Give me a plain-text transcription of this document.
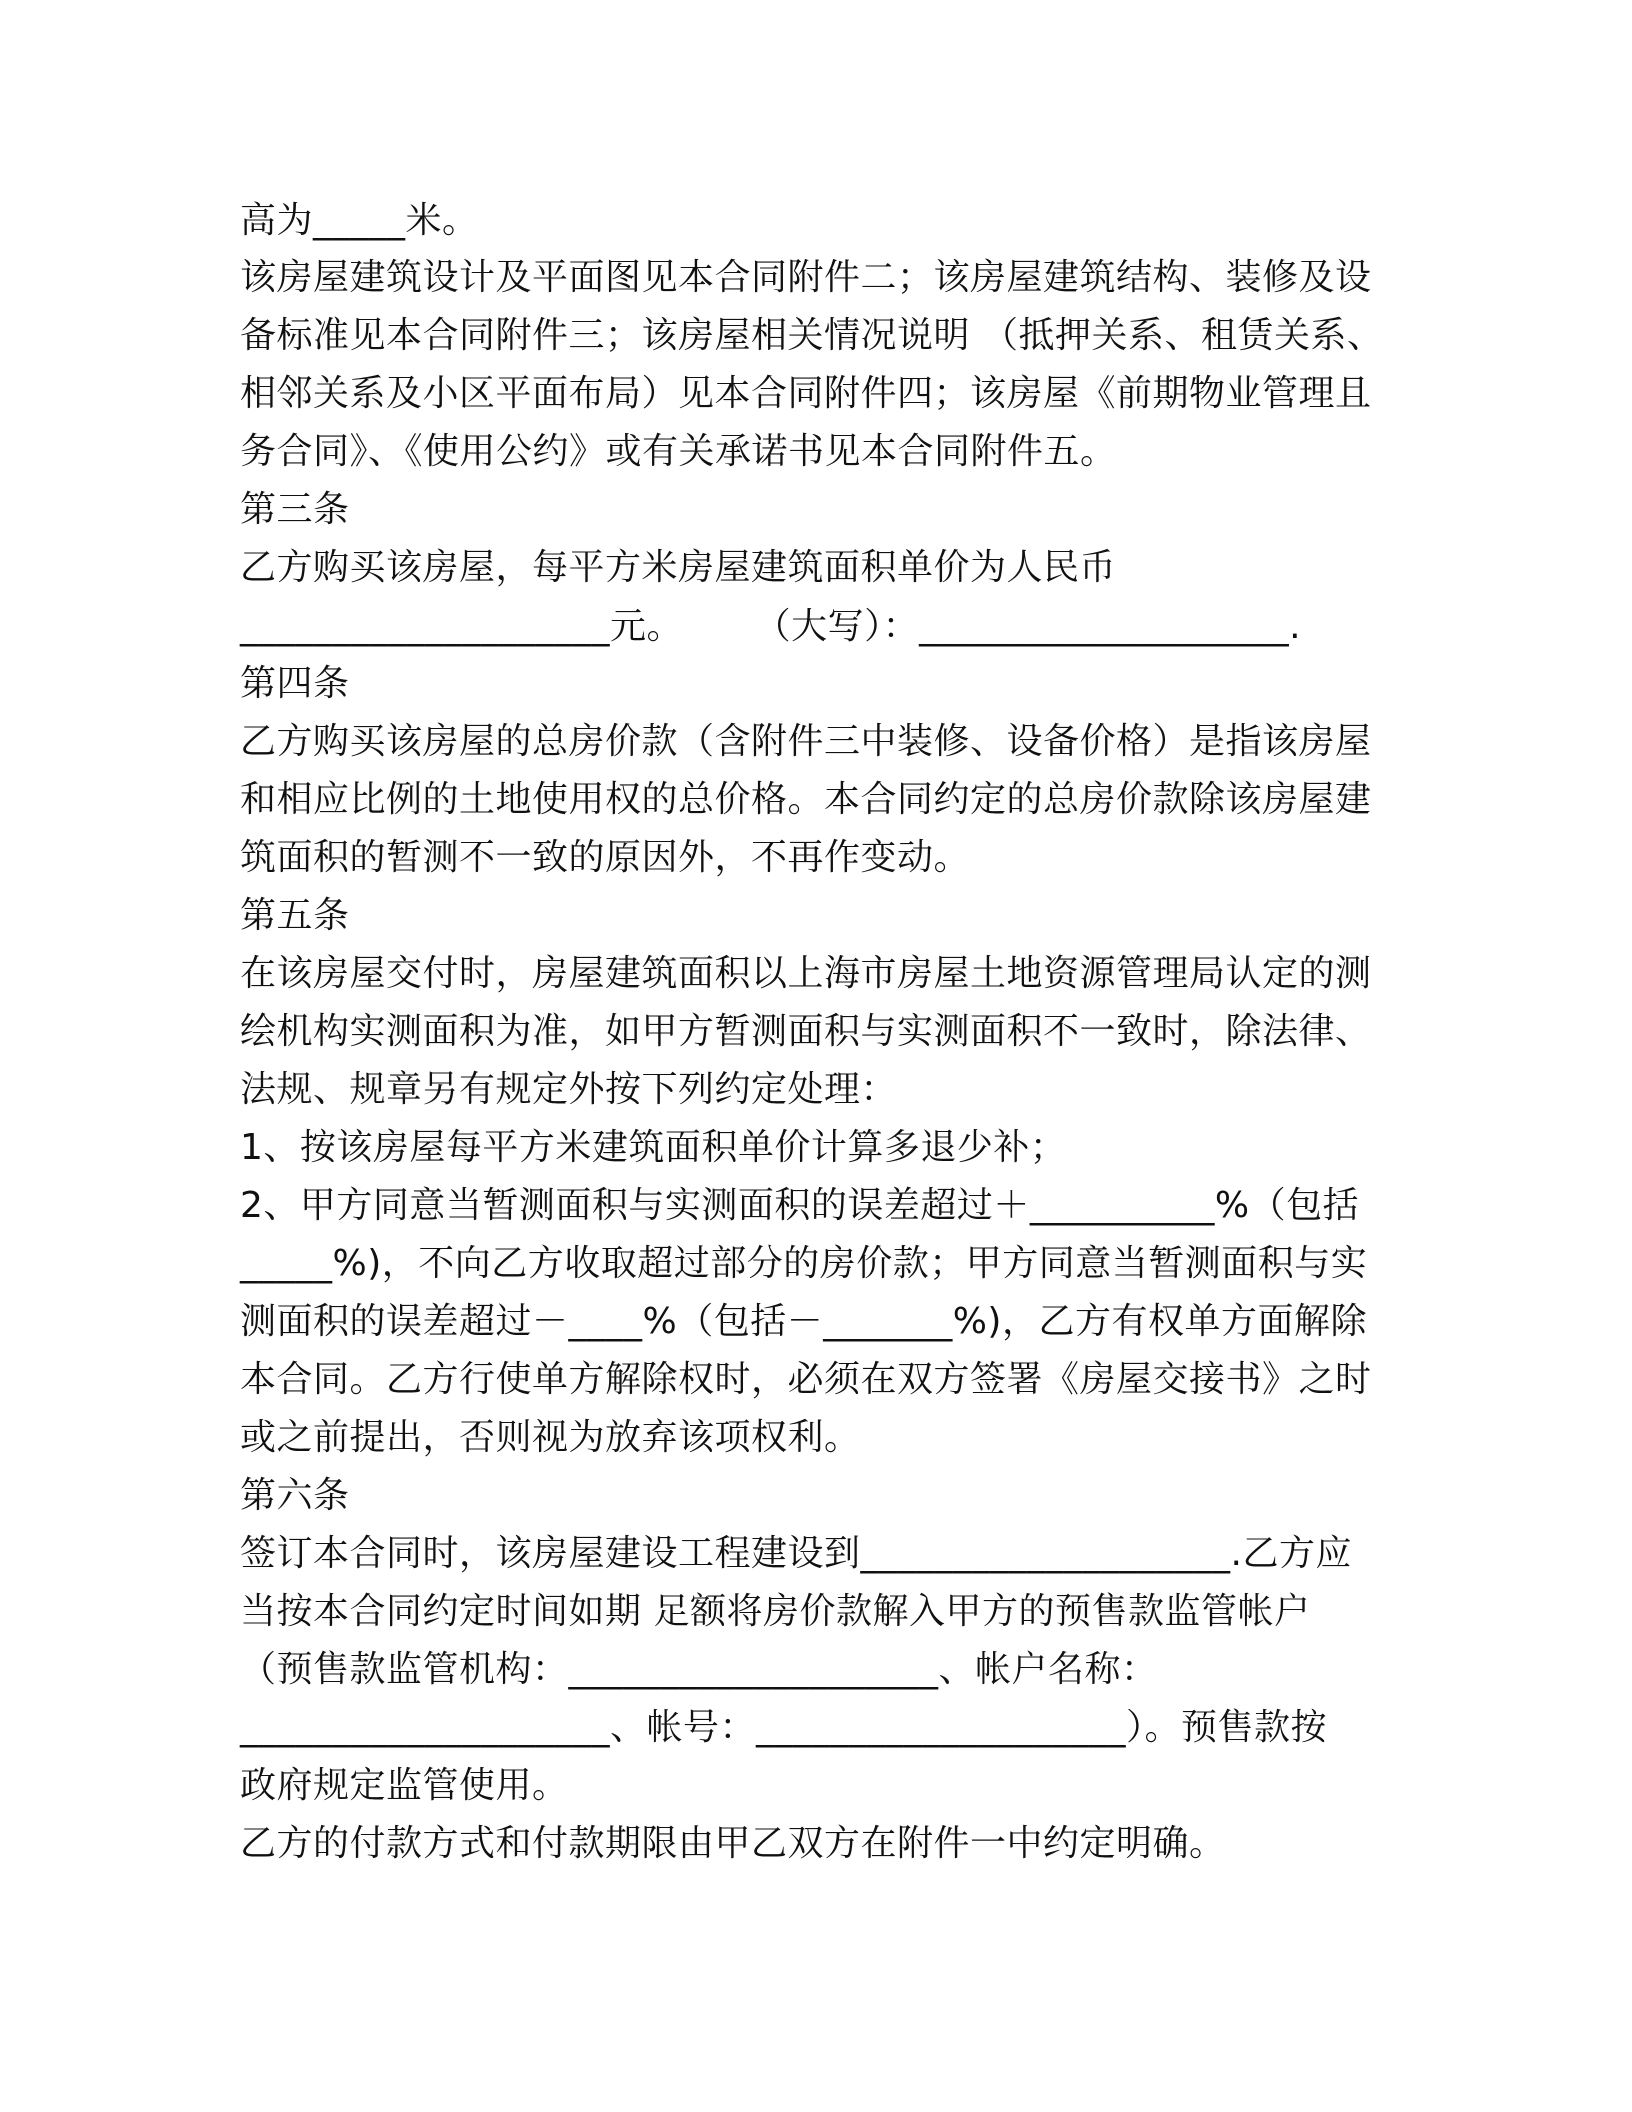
高为_____米。
该房屋建筑设计及平面图见本合同附件二；该房屋建筑结构、装修及设
备标准见本合同附件三；该房屋相关情况说明 （抵押关系、租赁关系、
相邻关系及小区平面布局）见本合同附件四；该房屋《前期物业管理且
务合同》、《使用公约》或有关承诺书见本合同附件五。
第三条
乙方购买该房屋，每平方米房屋建筑面积单价为人民币
____________________元。      （大写）：____________________.
第四条
乙方购买该房屋的总房价款（含附件三中装修、设备价格）是指该房屋
和相应比例的土地使用权的总价格。本合同约定的总房价款除该房屋建
筑面积的暂测不一致的原因外，不再作变动。
第五条
在该房屋交付时，房屋建筑面积以上海市房屋土地资源管理局认定的测
绘机构实测面积为准，如甲方暂测面积与实测面积不一致时，除法律、
法规、规章另有规定外按下列约定处理：
1、按该房屋每平方米建筑面积单价计算多退少补；
2、甲方同意当暂测面积与实测面积的误差超过＋__________%（包括
_____%)，不向乙方收取超过部分的房价款；甲方同意当暂测面积与实
测面积的误差超过－____%（包括－_______%)，乙方有权单方面解除
本合同。乙方行使单方解除权时，必须在双方签署《房屋交接书》之时
或之前提出，否则视为放弃该项权利。
第六条
签订本合同时，该房屋建设工程建设到____________________.乙方应
当按本合同约定时间如期 足额将房价款解入甲方的预售款监管帐户
（预售款监管机构：____________________、帐户名称：
____________________、帐号：____________________）。预售款按
政府规定监管使用。
乙方的付款方式和付款期限由甲乙双方在附件一中约定明确。
